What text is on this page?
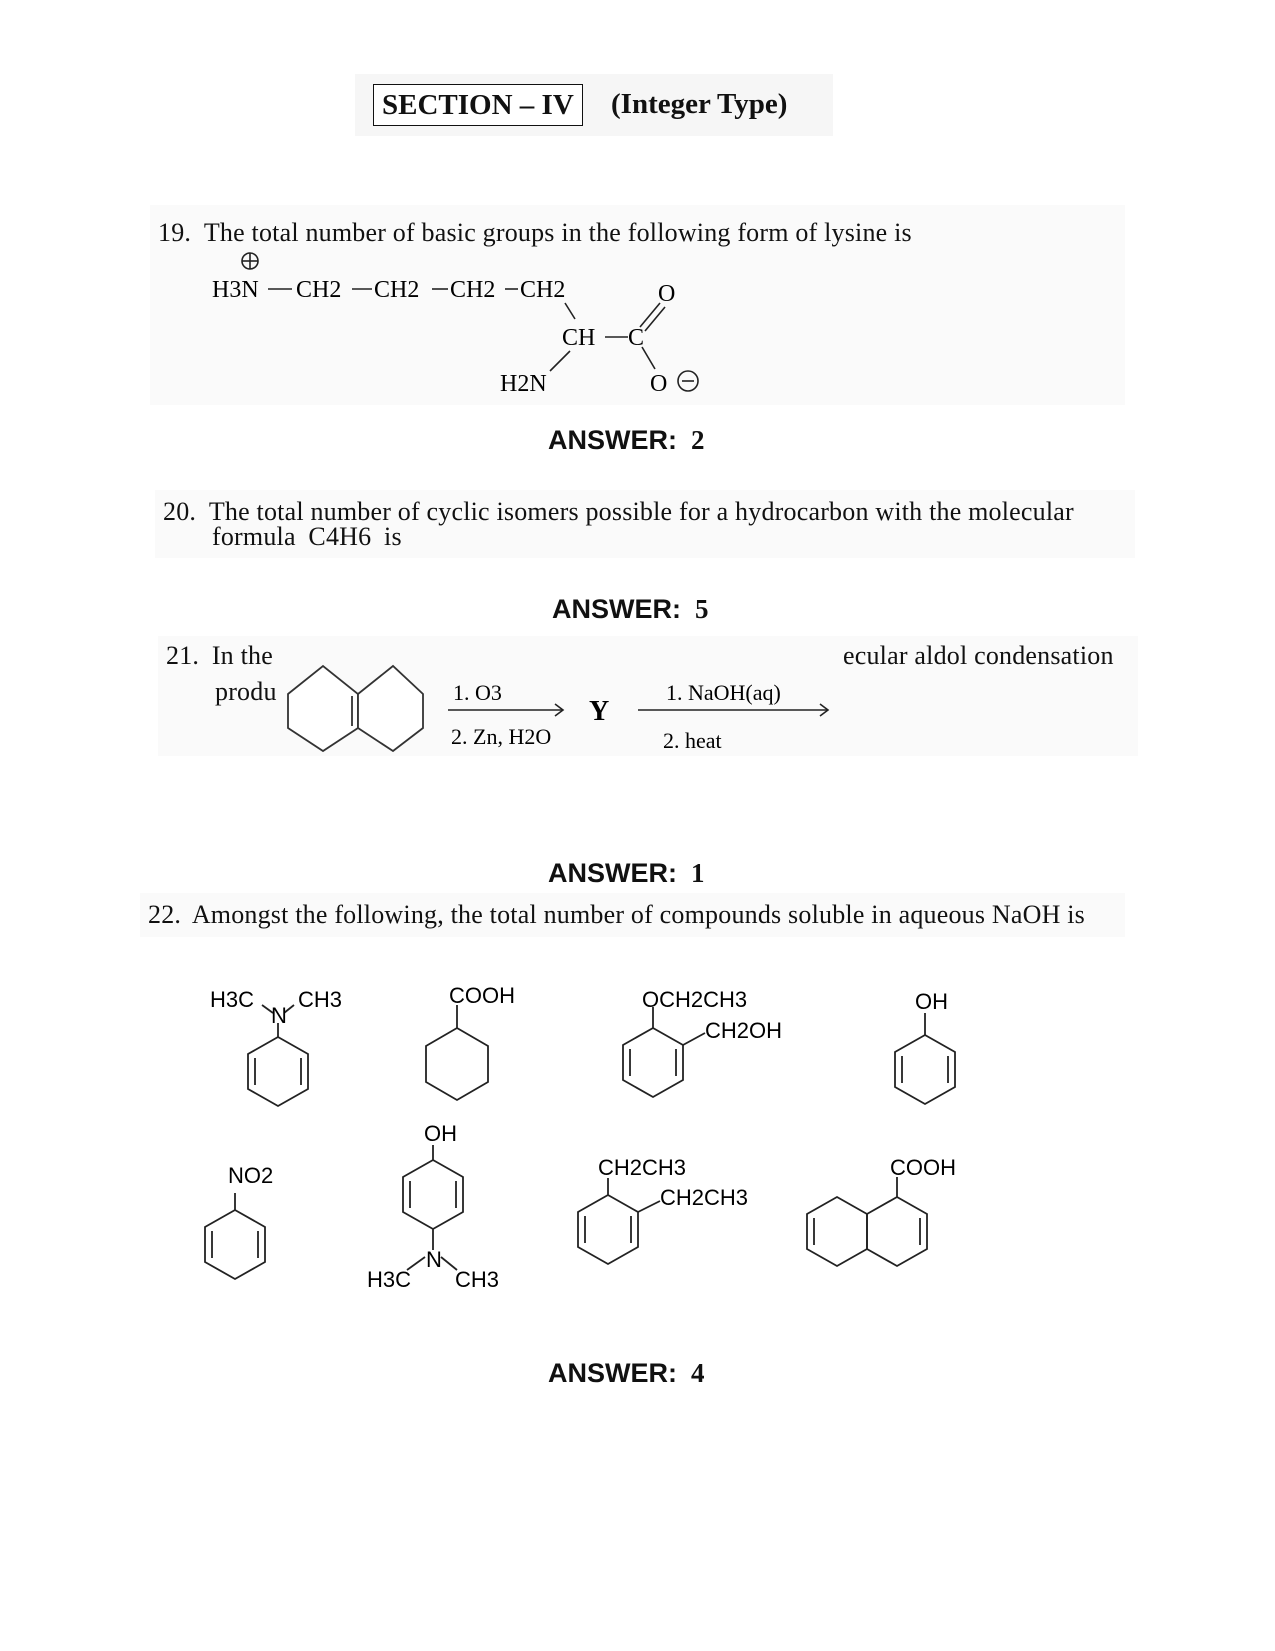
SECTION – IV	(Integer Type)
19. The total number of basic groups in the following form of lysine is
H3N CH2 CH2 CH2 CH2
CH C
O
O
H2N
ANSWER: 2
20. The total number of cyclic isomers possible for a hydrocarbon with the molecular
formula C4H6 is
ANSWER: 5
21. In the	ecular aldol condensation
produ	1. O3
2. Zn, H2O
Y
1. NaOH(aq)
2. heat
ANSWER: 1
22. Amongst the following, the total number of compounds soluble in aqueous NaOH is
H3C
N
CH3	COOH	OCH2CH3
CH2OH
OH
NO2
OH
H3C
N
CH3
CH2CH3
CH2CH3
COOH
ANSWER: 4
